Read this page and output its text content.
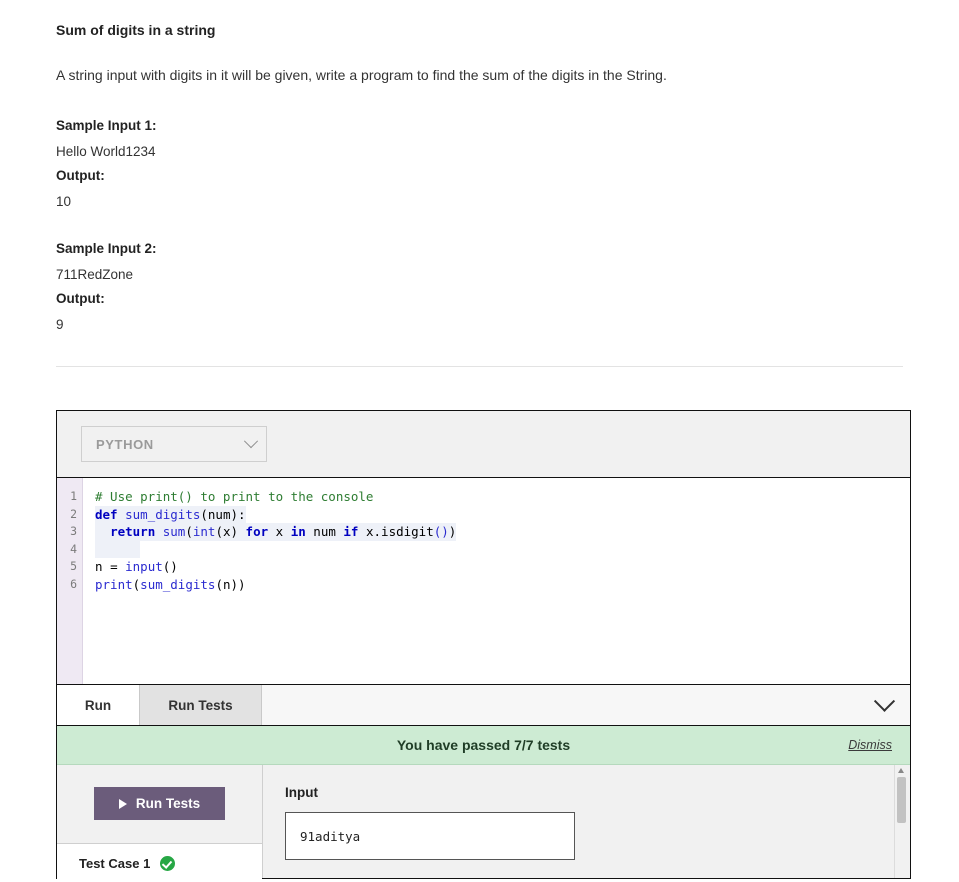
Sum of digits in a string
A string input with digits in it will be given, write a program to find the sum of the digits in the String.
Sample Input 1:
Hello World1234
Output:
10
Sample Input 2:
711RedZone
Output:
9
PYTHON
1
2
3
4
5
6
# Use print() to print to the console
def sum_digits(num):
return sum(int(x) for x in num if x.isdigit())

n = input()
print(sum_digits(n))
Run	Run Tests
You have passed 7/7 tests	Dismiss
Run Tests
Test Case 1
Input
91aditya
